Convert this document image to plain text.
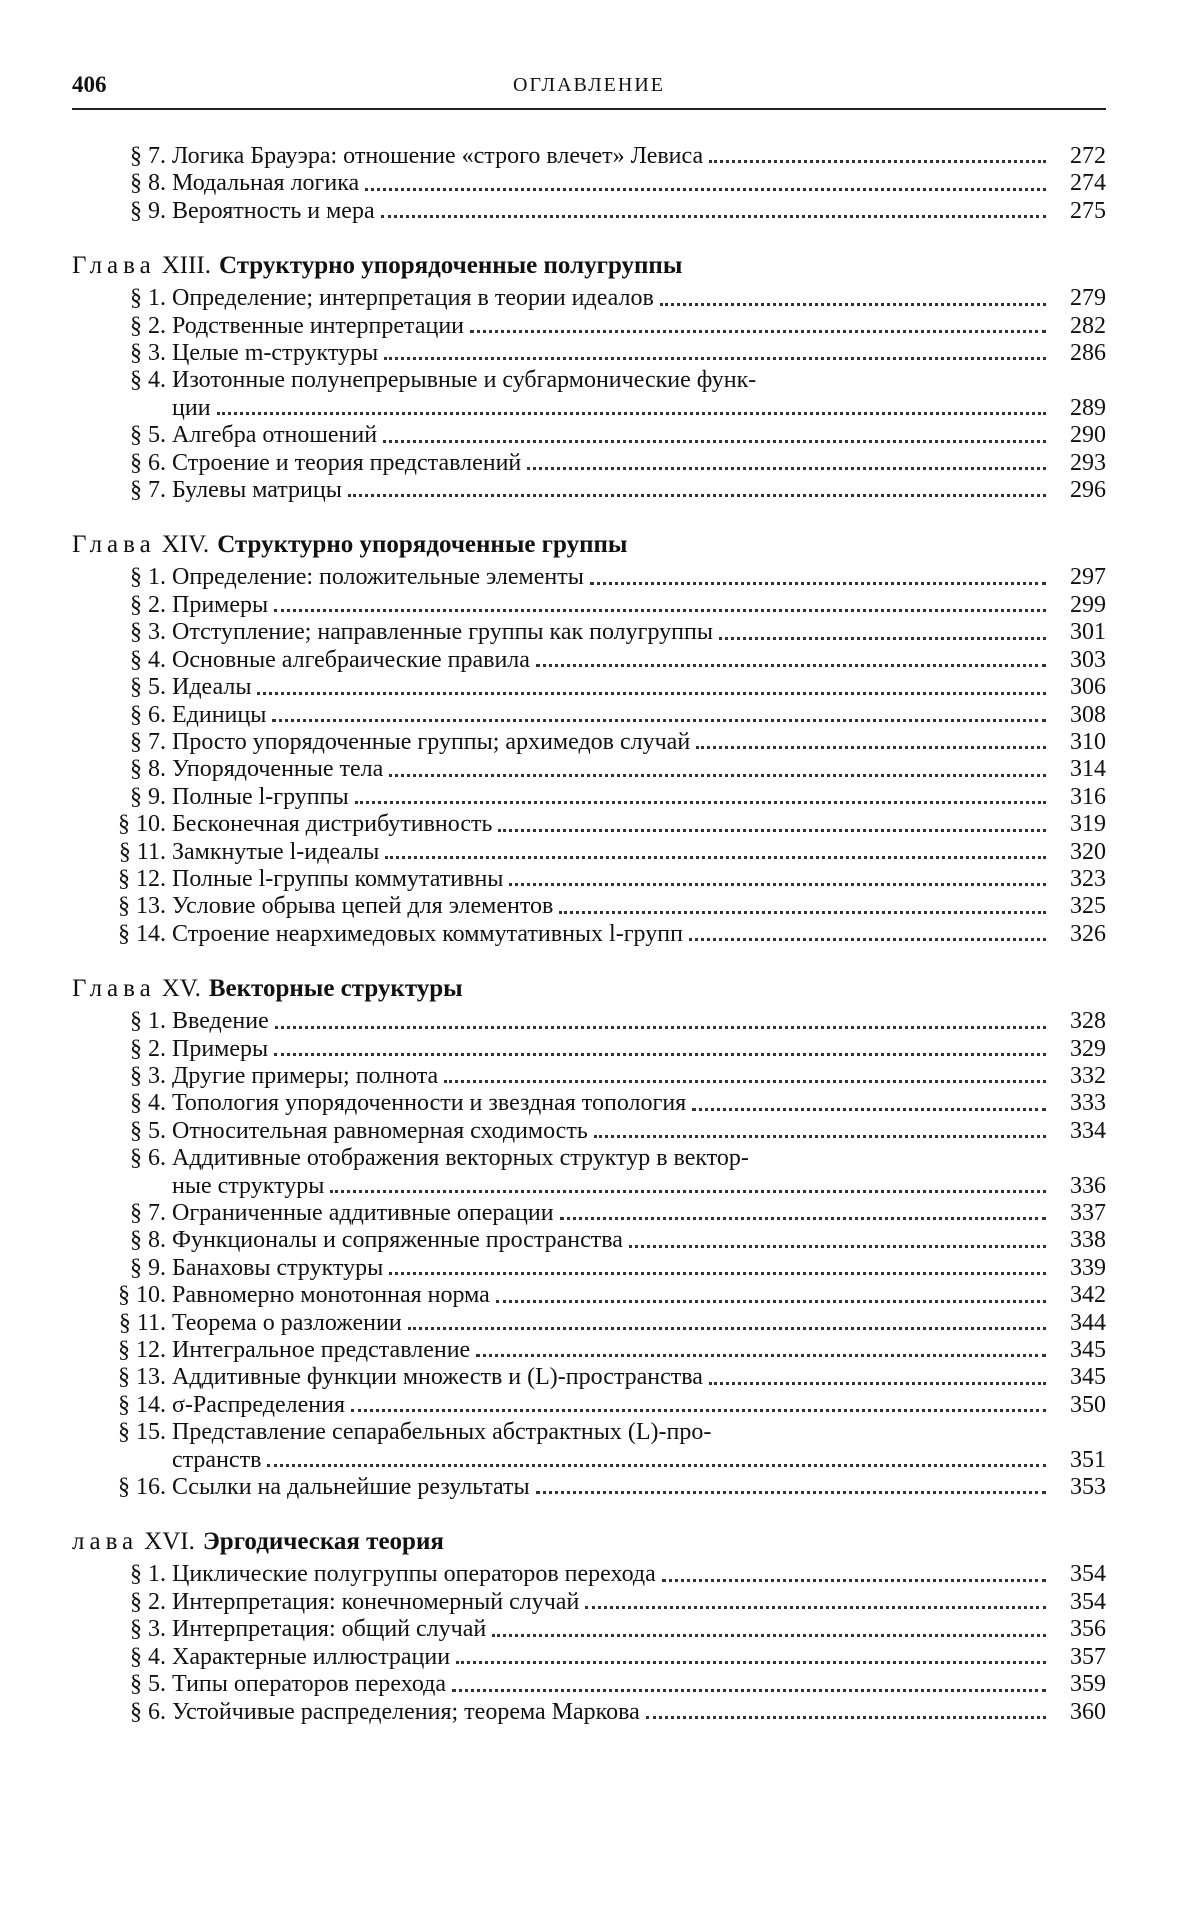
406	ОГЛАВЛЕНИЕ
§ 7. Логика Брауэра: отношение «строго влечет» Левиса	272
§ 8. Модальная логика	274
§ 9. Вероятность и мера	275
Глава XIII. Структурно упорядоченные полугруппы
§ 1. Определение; интерпретация в теории идеалов	279
§ 2. Родственные интерпретации	282
§ 3. Целые m-структуры	286
§ 4. Изотонные полунепрерывные и субгармонические функ-
ции	289
§ 5. Алгебра отношений	290
§ 6. Строение и теория представлений	293
§ 7. Булевы матрицы	296
Глава XIV. Структурно упорядоченные группы
§ 1. Определение: положительные элементы	297
§ 2. Примеры	299
§ 3. Отступление; направленные группы как полугруппы	301
§ 4. Основные алгебраические правила	303
§ 5. Идеалы	306
§ 6. Единицы	308
§ 7. Просто упорядоченные группы; архимедов случай	310
§ 8. Упорядоченные тела	314
§ 9. Полные l-группы	316
§ 10. Бесконечная дистрибутивность	319
§ 11. Замкнутые l-идеалы	320
§ 12. Полные l-группы коммутативны	323
§ 13. Условие обрыва цепей для элементов	325
§ 14. Строение неархимедовых коммутативных l-групп	326
Глава XV. Векторные структуры
§ 1. Введение	328
§ 2. Примеры	329
§ 3. Другие примеры; полнота	332
§ 4. Топология упорядоченности и звездная топология	333
§ 5. Относительная равномерная сходимость	334
§ 6. Аддитивные отображения векторных структур в вектор-
ные структуры	336
§ 7. Ограниченные аддитивные операции	337
§ 8. Функционалы и сопряженные пространства	338
§ 9. Банаховы структуры	339
§ 10. Равномерно монотонная норма	342
§ 11. Теорема о разложении	344
§ 12. Интегральное представление	345
§ 13. Аддитивные функции множеств и (L)-пространства	345
§ 14. σ-Распределения	350
§ 15. Представление сепарабельных абстрактных (L)-про-
странств	351
§ 16. Ссылки на дальнейшие результаты	353
лава XVI. Эргодическая теория
§ 1. Циклические полугруппы операторов перехода	354
§ 2. Интерпретация: конечномерный случай	354
§ 3. Интерпретация: общий случай	356
§ 4. Характерные иллюстрации	357
§ 5. Типы операторов перехода	359
§ 6. Устойчивые распределения; теорема Маркова	360
